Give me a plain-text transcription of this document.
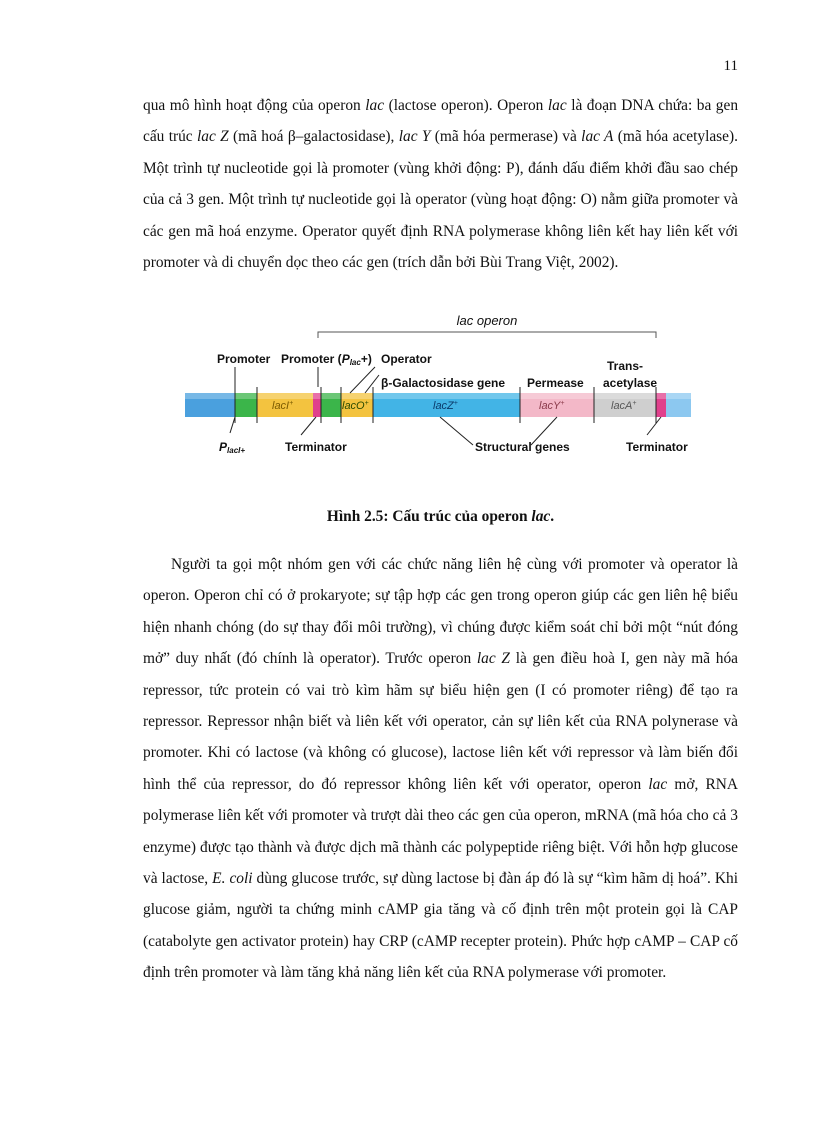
11

qua mô hình hoạt động của operon lac (lactose operon). Operon lac là đoạn DNA chứa: ba gen cấu trúc lac Z (mã hoá β–galactosidase), lac Y (mã hóa permerase) và lac A (mã hóa acetylase). Một trình tự nucleotide gọi là promoter (vùng khởi động: P), đánh dấu điểm khởi đầu sao chép của cả 3 gen. Một trình tự nucleotide gọi là operator (vùng hoạt động: O) nằm giữa promoter và các gen mã hoá enzyme. Operator quyết định RNA polymerase không liên kết hay liên kết với promoter và di chuyển dọc theo các gen (trích dẫn bởi Bùi Trang Việt, 2002).

lac operon
Promoter Promoter (Plac+) Operator
β-Galactosidase gene Permease
Trans-
acetylase
lacI+	lacO+	lacZ+	lacY+	lacA+
PlacI+	Terminator	Structural genes	Terminator
Hình 2.5: Cấu trúc của operon lac.

Người ta gọi một nhóm gen với các chức năng liên hệ cùng với promoter và operator là operon. Operon chỉ có ở prokaryote; sự tập hợp các gen trong operon giúp các gen liên hệ biểu hiện nhanh chóng (do sự thay đổi môi trường), vì chúng được kiểm soát chỉ bởi một “nút đóng mở” duy nhất (đó chính là operator). Trước operon lac Z là gen điều hoà I, gen này mã hóa repressor, tức protein có vai trò kìm hãm sự biểu hiện gen (I có promoter riêng) để tạo ra repressor. Repressor nhận biết và liên kết với operator, cản sự liên kết của RNA polynerase và promoter. Khi có lactose (và không có glucose), lactose liên kết với repressor và làm biến đổi hình thể của repressor, do đó repressor không liên kết với operator, operon lac mở, RNA polymerase liên kết với promoter và trượt dài theo các gen của operon, mRNA (mã hóa cho cả 3 enzyme) được tạo thành và được dịch mã thành các polypeptide riêng biệt. Với hỗn hợp glucose và lactose, E. coli dùng glucose trước, sự dùng lactose bị đàn áp đó là sự “kìm hãm dị hoá”. Khi glucose giảm, người ta chứng minh cAMP gia tăng và cố định trên một protein gọi là CAP (catabolyte gen activator protein) hay CRP (cAMP recepter protein). Phức hợp cAMP – CAP cố định trên promoter và làm tăng khả năng liên kết của RNA polymerase với promoter.
